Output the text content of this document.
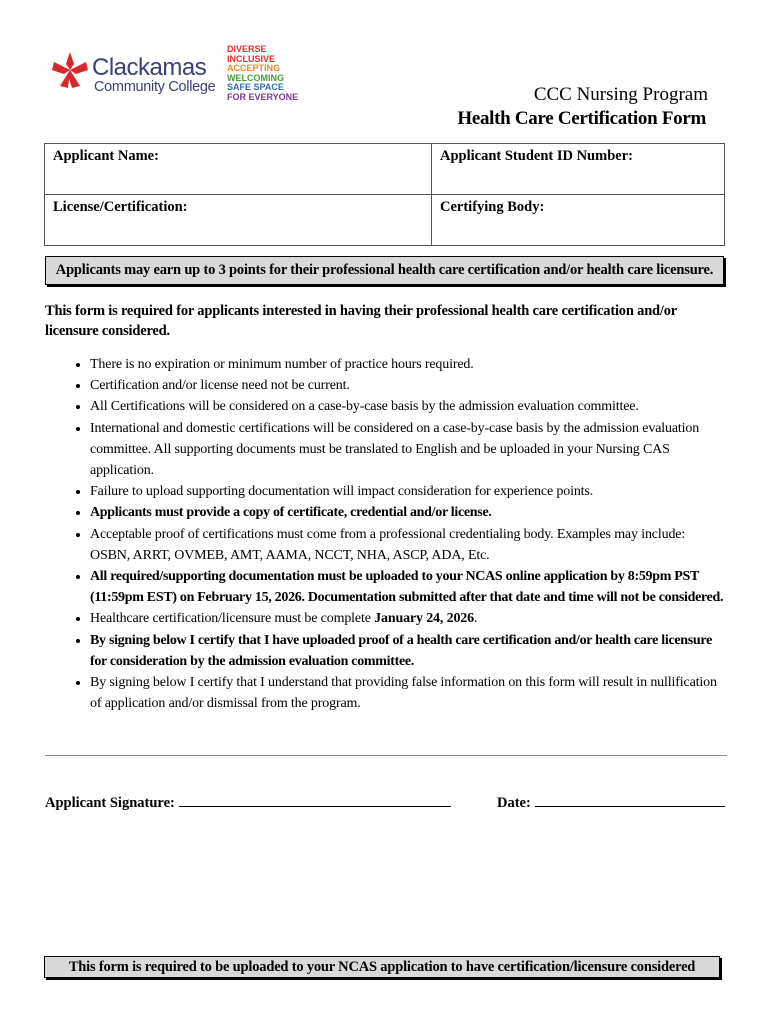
Clackamas
Community College
DIVERSE
INCLUSIVE
ACCEPTING
WELCOMING
SAFE SPACE
FOR EVERYONE	CCC Nursing Program
Health Care Certification Form
Applicant Name:	Applicant Student ID Number:
License/Certification:	Certifying Body:
Applicants may earn up to 3 points for their professional health care certification and/or health care licensure.
This form is required for applicants interested in having their professional health care certification and/or licensure considered.
• There is no expiration or minimum number of practice hours required.
• Certification and/or license need not be current.
• All Certifications will be considered on a case-by-case basis by the admission evaluation committee.
• International and domestic certifications will be considered on a case-by-case basis by the admission evaluation committee. All supporting documents must be translated to English and be uploaded in your Nursing CAS application.
• Failure to upload supporting documentation will impact consideration for experience points.
• Applicants must provide a copy of certificate, credential and/or license.
• Acceptable proof of certifications must come from a professional credentialing body. Examples may include: OSBN, ARRT, OVMEB, AMT, AAMA, NCCT, NHA, ASCP, ADA, Etc.
• All required/supporting documentation must be uploaded to your NCAS online application by 8:59pm PST (11:59pm EST) on February 15, 2026. Documentation submitted after that date and time will not be considered.
• Healthcare certification/licensure must be complete January 24, 2026.
• By signing below I certify that I have uploaded proof of a health care certification and/or health care licensure for consideration by the admission evaluation committee.
• By signing below I certify that I understand that providing false information on this form will result in nullification of application and/or dismissal from the program.
Applicant Signature:	Date:
This form is required to be uploaded to your NCAS application to have certification/licensure considered
